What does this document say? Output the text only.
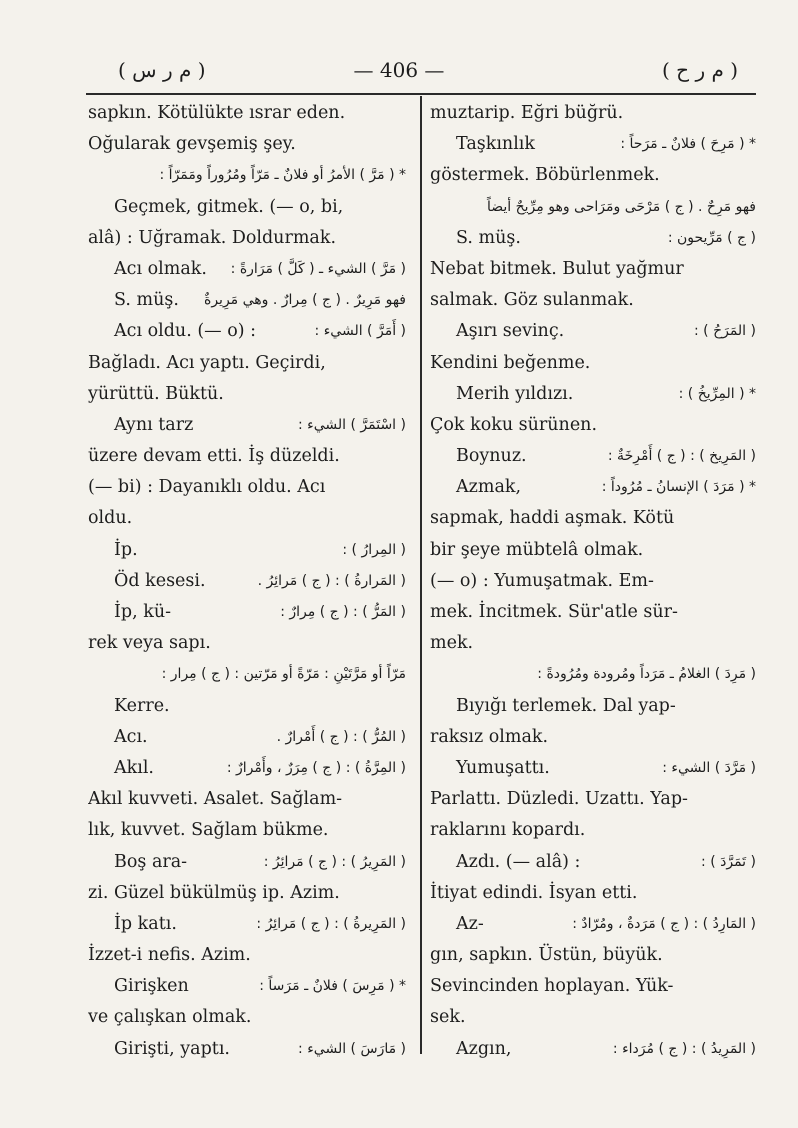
( م ر س )	— 406 —	( م ر ح )
sapkın. Kötülükte ısrar eden.
Oğularak gevşemiş şey.
* ( مَرَّ ) الأمرُ أو فلانٌ ـ مَرّاً ومُرُوراً ومَمَرّاً :
Geçmek, gitmek. (— o, bi,
alâ) : Uğramak. Doldurmak.
Acı olmak. ( مَرَّ ) الشيء ـ ( كَلَّ ) مَرَارةً :
S. müş. فهو مَرِيرٌ . ( ج ) مِرارٌ . وهي مَرِيرةٌ
Acı oldu. (— o) :	( أَمَرَّ ) الشيء :
Bağladı. Acı yaptı. Geçirdi,
yürüttü. Büktü.
Aynı tarz	( اسْتَمَرَّ ) الشيء :
üzere devam etti. İş düzeldi.
(— bi) : Dayanıklı oldu. Acı
oldu.
İp.	( المِرارُ ) :
Öd kesesi.	( المَرارةُ ) : ( ج ) مَرائِرُ .
İp, kü-	( المَرُّ ) : ( ج ) مِرارٌ :
rek veya sapı.
مَرّاً أو مَرَّتَيْنِ : مَرّةً أو مَرّتين : ( ج ) مِرار :
Kerre.
Acı.	( المُرُّ ) : ( ج ) أَمْرارٌ .
Akıl.	( المِرَّةُ ) : ( ج ) مِرَرٌ ، وأَمْرارٌ :
Akıl kuvveti. Asalet. Sağlam-
lık, kuvvet. Sağlam bükme.
Boş ara-	( المَرِيرُ ) : ( ج ) مَرائِرُ :
zi. Güzel bükülmüş ip. Azim.
İp katı.	( المَرِيرةُ ) : ( ج ) مَرائِرُ :
İzzet-i nefis. Azim.
Girişken	* ( مَرِسَ ) فلانٌ ـ مَرَساً :
ve çalışkan olmak.
Girişti, yaptı.	( مَارَسَ ) الشيء :
muztarip. Eğri büğrü.
Taşkınlık	* ( مَرِحَ ) فلانٌ ـ مَرَحاً :
göstermek. Böbürlenmek.
فهو مَرِحٌ . ( ج ) مَرْحَى ومَرَاحى وهو مِرِّيحٌ أيضاً
S. müş.	( ج ) مَرِّيحون :
Nebat bitmek. Bulut yağmur
salmak. Göz sulanmak.
Aşırı sevinç.	( المَرَحُ ) :
Kendini beğenme.
Merih yıldızı.	* ( المِرِّيخُ ) :
Çok koku sürünen.
Boynuz.	( المَرِيخ ) : ( ج ) أَمْرِخَةٌ :
Azmak,	* ( مَرَدَ ) الإنسانُ ـ مُرُوداً :
sapmak, haddi aşmak. Kötü
bir şeye mübtelâ olmak.
(— o) : Yumuşatmak. Em-
mek. İncitmek. Sür'atle sür-
mek.
( مَرِدَ ) الغلامُ ـ مَرَداً ومُرودة ومُرُودةً :
Bıyığı terlemek. Dal yap-
raksız olmak.
Yumuşattı.	( مَرَّدَ ) الشيء :
Parlattı. Düzledi. Uzattı. Yap-
raklarını kopardı.
Azdı. (— alâ) :	( تَمَرَّدَ ) :
İtiyat edindi. İsyan etti.
Az-	( المَارِدُ ) : ( ج ) مَرَدةٌ ، ومُرّادٌ :
gın, sapkın. Üstün, büyük.
Sevincinden hoplayan. Yük-
sek.
Azgın,	( المَرِيدُ ) : ( ج ) مُرَداء :
